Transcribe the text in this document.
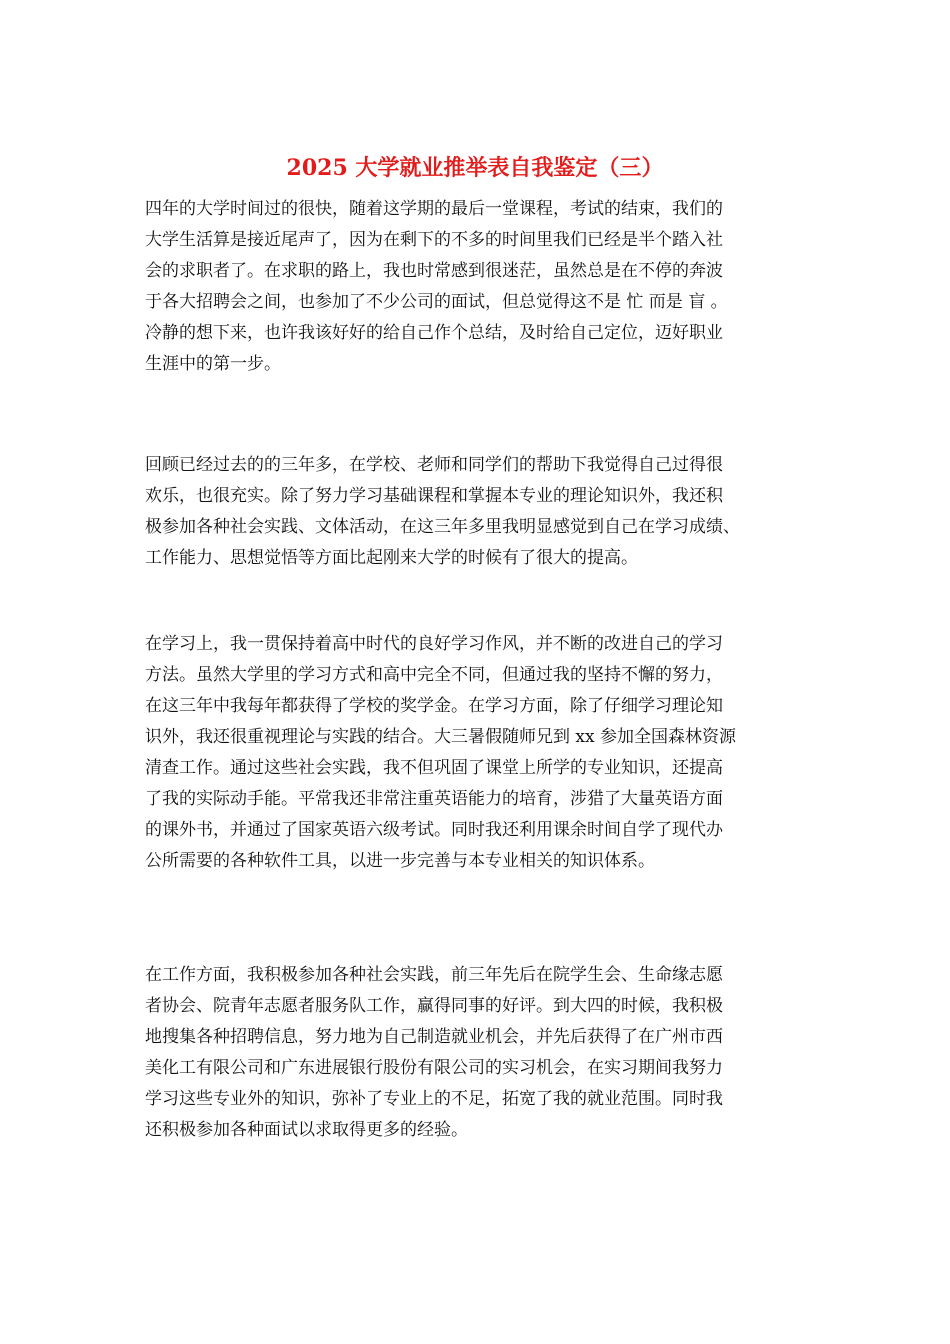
2025 大学就业推举表自我鉴定（三）
四年的大学时间过的很快，随着这学期的最后一堂课程，考试的结束，我们的
大学生活算是接近尾声了，因为在剩下的不多的时间里我们已经是半个踏入社
会的求职者了。在求职的路上，我也时常感到很迷茫，虽然总是在不停的奔波
于各大招聘会之间，也参加了不少公司的面试，但总觉得这不是 忙 而是 盲 。
冷静的想下来，也许我该好好的给自己作个总结，及时给自己定位，迈好职业
生涯中的第一步。
回顾已经过去的的三年多，在学校、老师和同学们的帮助下我觉得自己过得很
欢乐，也很充实。除了努力学习基础课程和掌握本专业的理论知识外，我还积
极参加各种社会实践、文体活动，在这三年多里我明显感觉到自己在学习成绩、
工作能力、思想觉悟等方面比起刚来大学的时候有了很大的提高。
在学习上，我一贯保持着高中时代的良好学习作风，并不断的改进自己的学习
方法。虽然大学里的学习方式和高中完全不同，但通过我的坚持不懈的努力，
在这三年中我每年都获得了学校的奖学金。在学习方面，除了仔细学习理论知
识外，我还很重视理论与实践的结合。大三暑假随师兄到 xx 参加全国森林资源
清查工作。通过这些社会实践，我不但巩固了课堂上所学的专业知识，还提高
了我的实际动手能。平常我还非常注重英语能力的培育，涉猎了大量英语方面
的课外书，并通过了国家英语六级考试。同时我还利用课余时间自学了现代办
公所需要的各种软件工具，以进一步完善与本专业相关的知识体系。
在工作方面，我积极参加各种社会实践，前三年先后在院学生会、生命缘志愿
者协会、院青年志愿者服务队工作，赢得同事的好评。到大四的时候，我积极
地搜集各种招聘信息，努力地为自己制造就业机会，并先后获得了在广州市西
美化工有限公司和广东进展银行股份有限公司的实习机会，在实习期间我努力
学习这些专业外的知识，弥补了专业上的不足，拓宽了我的就业范围。同时我
还积极参加各种面试以求取得更多的经验。
